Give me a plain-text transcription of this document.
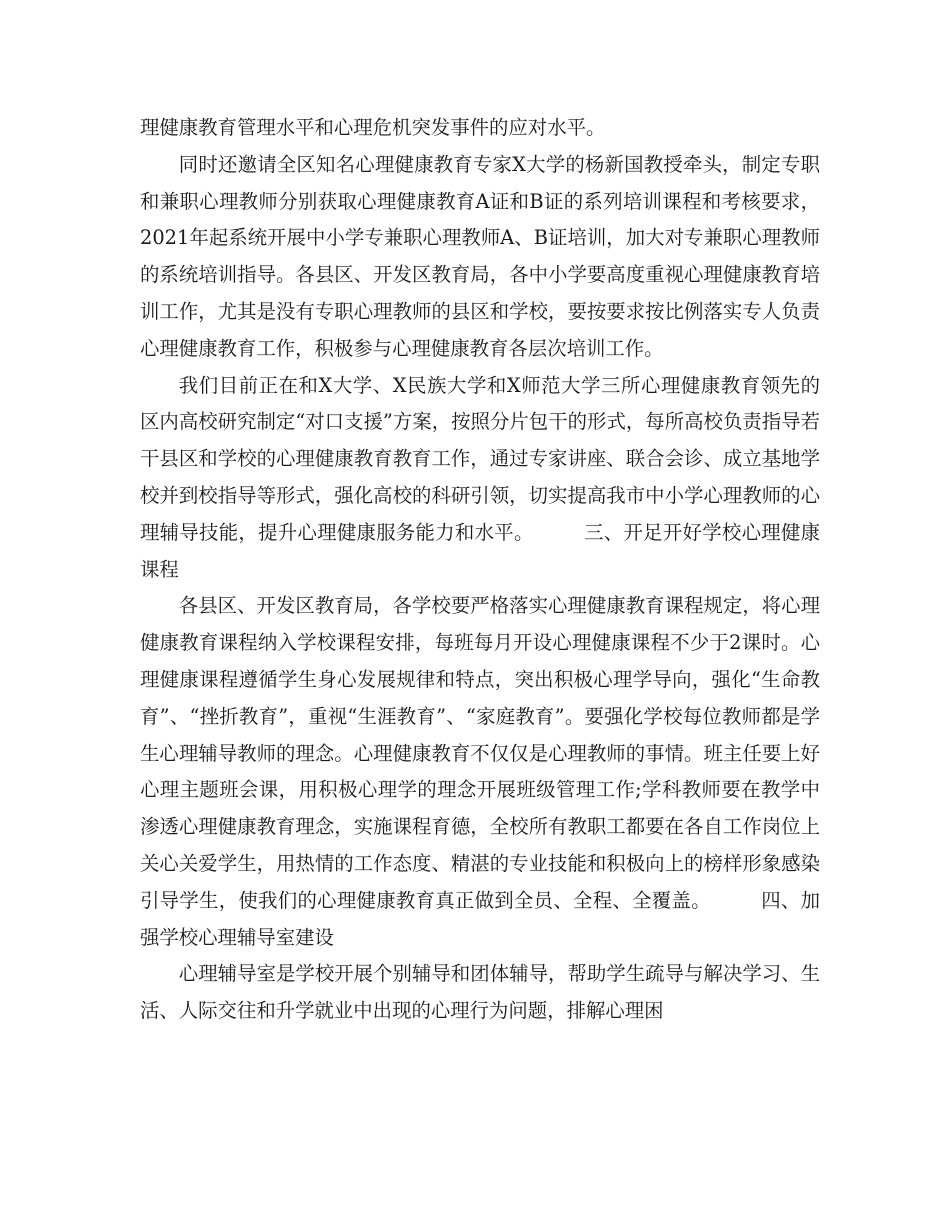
理健康教育管理水平和心理危机突发事件的应对水平。

同时还邀请全区知名心理健康教育专家X大学的杨新国教授牵头，制定专职和兼职心理教师分别获取心理健康教育A证和B证的系列培训课程和考核要求，2021年起系统开展中小学专兼职心理教师A、B证培训，加大对专兼职心理教师的系统培训指导。各县区、开发区教育局，各中小学要高度重视心理健康教育培训工作，尤其是没有专职心理教师的县区和学校，要按要求按比例落实专人负责心理健康教育工作，积极参与心理健康教育各层次培训工作。

我们目前正在和X大学、X民族大学和X师范大学三所心理健康教育领先的区内高校研究制定“对口支援”方案，按照分片包干的形式，每所高校负责指导若干县区和学校的心理健康教育教育工作，通过专家讲座、联合会诊、成立基地学校并到校指导等形式，强化高校的科研引领，切实提高我市中小学心理教师的心理辅导技能，提升心理健康服务能力和水平。	三、开足开好学校心理健康课程

各县区、开发区教育局，各学校要严格落实心理健康教育课程规定，将心理健康教育课程纳入学校课程安排，每班每月开设心理健康课程不少于2课时。心理健康课程遵循学生身心发展规律和特点，突出积极心理学导向，强化“生命教育”、“挫折教育”，重视“生涯教育”、“家庭教育”。要强化学校每位教师都是学生心理辅导教师的理念。心理健康教育不仅仅是心理教师的事情。班主任要上好心理主题班会课，用积极心理学的理念开展班级管理工作;学科教师要在教学中渗透心理健康教育理念，实施课程育德，全校所有教职工都要在各自工作岗位上关心关爱学生，用热情的工作态度、精湛的专业技能和积极向上的榜样形象感染引导学生，使我们的心理健康教育真正做到全员、全程、全覆盖。	四、加强学校心理辅导室建设

心理辅导室是学校开展个别辅导和团体辅导，帮助学生疏导与解决学习、生活、人际交往和升学就业中出现的心理行为问题，排解心理困
